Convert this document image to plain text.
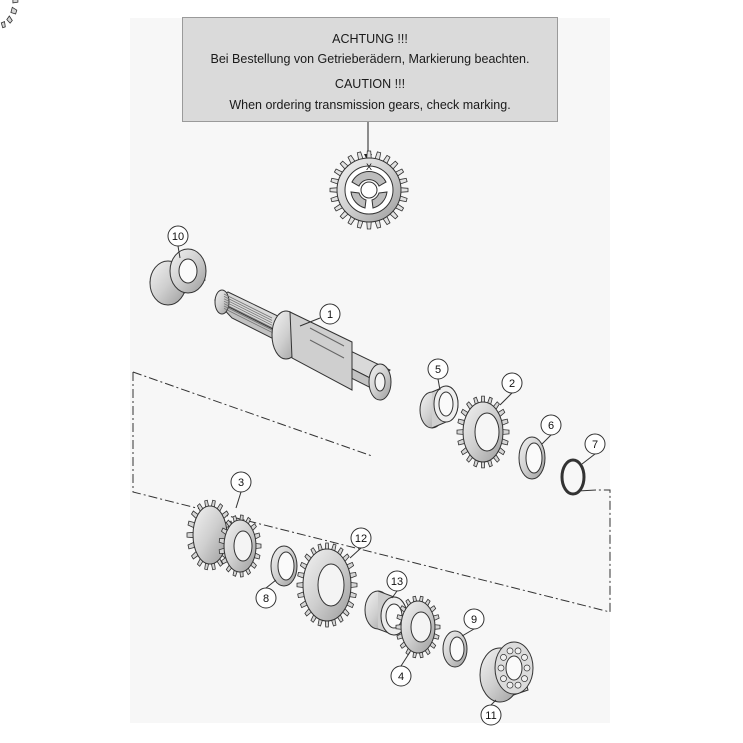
ACHTUNG !!!
Bei Bestellung von Getrieberädern, Markierung beachten.
CAUTION !!!
When ordering transmission gears, check marking.
X
10
1
5
2
6
7
3
12
13
8
9
4
11
